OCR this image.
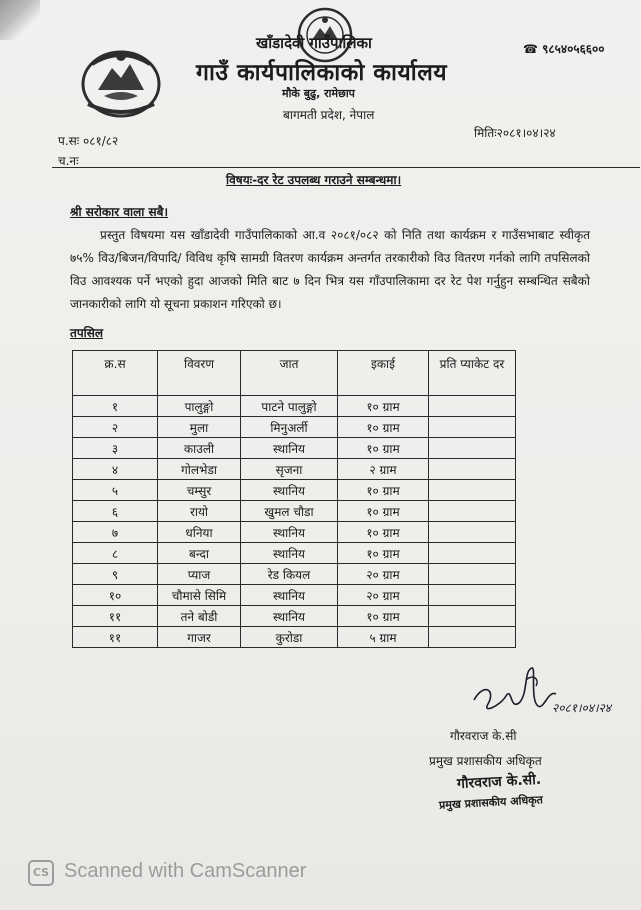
खाँडादेवी गाउँपालिका
गाउँ कार्यपालिकाको कार्यालय
मौके बुढु, रामेछाप
बागमती प्रदेश, नेपाल
☎ ९८५४०५६६००
प.सः ०८१/८२
च.नः
मितिः२०८१।०४।२४
विषयः-दर रेट उपलब्ध गराउने सम्बन्धमा।
श्री सरोकार वाला सबै।
प्रस्तुत विषयमा यस खाँडादेवी गाउँपालिकाको आ.व २०८१/०८२ को निति तथा कार्यक्रम र गाउँसभाबाट स्वीकृत ७५% विउ/बिजन/विपादि/ विविध कृषि सामग्री वितरण कार्यक्रम अन्तर्गत तरकारीको विउ वितरण गर्नको लागि तपसिलको विउ आवश्यक पर्ने भएको हुदा आजको मिति बाट ७ दिन भित्र यस गाँउपालिकामा दर रेट पेश गर्नुहुन सम्बन्धित सबैको जानकारीको लागि यो सूचना प्रकाशन गरिएको छ।
तपसिल
क्र.स	विवरण	जात	इकाई	प्रति प्याकेट दर
१	पालुङ्गो	पाटने पालुङ्गो	१० ग्राम	
२	मुला	मिनुअर्ली	१० ग्राम	
३	काउली	स्थानिय	१० ग्राम	
४	गोलभेडा	सृजना	२ ग्राम	
५	चम्सुर	स्थानिय	१० ग्राम	
६	रायो	खुमल चौडा	१० ग्राम	
७	धनिया	स्थानिय	१० ग्राम	
८	बन्दा	स्थानिय	१० ग्राम	
९	प्याज	रेड कियल	२० ग्राम	
१०	चौमासे सिमि	स्थानिय	२० ग्राम	
११	तने बोडी	स्थानिय	१० ग्राम	
११	गाजर	कुरोडा	५ ग्राम	
२०८१।०४।२४
गौरवराज के.सी
प्रमुख प्रशासकीय अधिकृत
गौरवराज के.सी.
प्रमुख प्रशासकीय अधिकृत
CS Scanned with CamScanner
